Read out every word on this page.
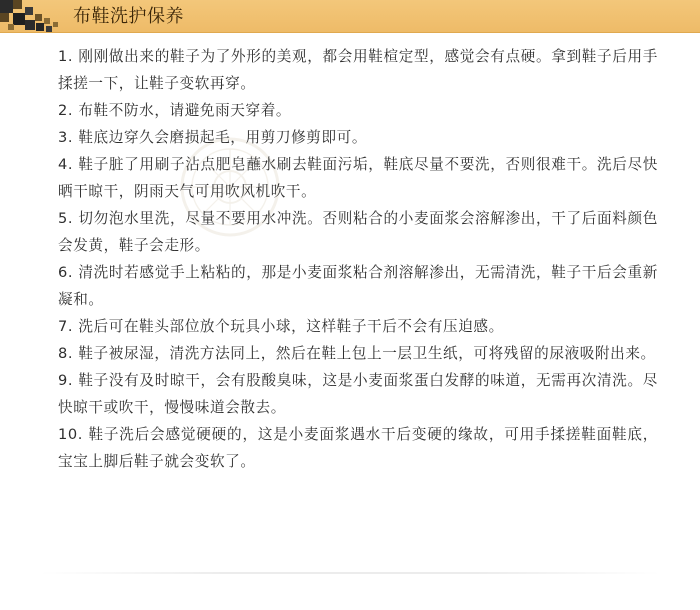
布鞋洗护保养

1. 刚刚做出来的鞋子为了外形的美观，都会用鞋楦定型，感觉会有点硬。拿到鞋子后用手揉搓一下，让鞋子变软再穿。

2. 布鞋不防水，请避免雨天穿着。

3. 鞋底边穿久会磨损起毛，用剪刀修剪即可。

4. 鞋子脏了用刷子沾点肥皂蘸水刷去鞋面污垢，鞋底尽量不要洗，否则很难干。洗后尽快晒干晾干，阴雨天气可用吹风机吹干。

5. 切勿泡水里洗，尽量不要用水冲洗。否则粘合的小麦面浆会溶解渗出，干了后面料颜色会发黄，鞋子会走形。

6. 清洗时若感觉手上粘粘的，那是小麦面浆粘合剂溶解渗出，无需清洗，鞋子干后会重新凝和。

7. 洗后可在鞋头部位放个玩具小球，这样鞋子干后不会有压迫感。

8. 鞋子被尿湿，清洗方法同上，然后在鞋上包上一层卫生纸，可将残留的尿液吸附出来。

9. 鞋子没有及时晾干，会有股酸臭味，这是小麦面浆蛋白发酵的味道，无需再次清洗。尽快晾干或吹干，慢慢味道会散去。

10. 鞋子洗后会感觉硬硬的，这是小麦面浆遇水干后变硬的缘故，可用手揉搓鞋面鞋底，宝宝上脚后鞋子就会变软了。
